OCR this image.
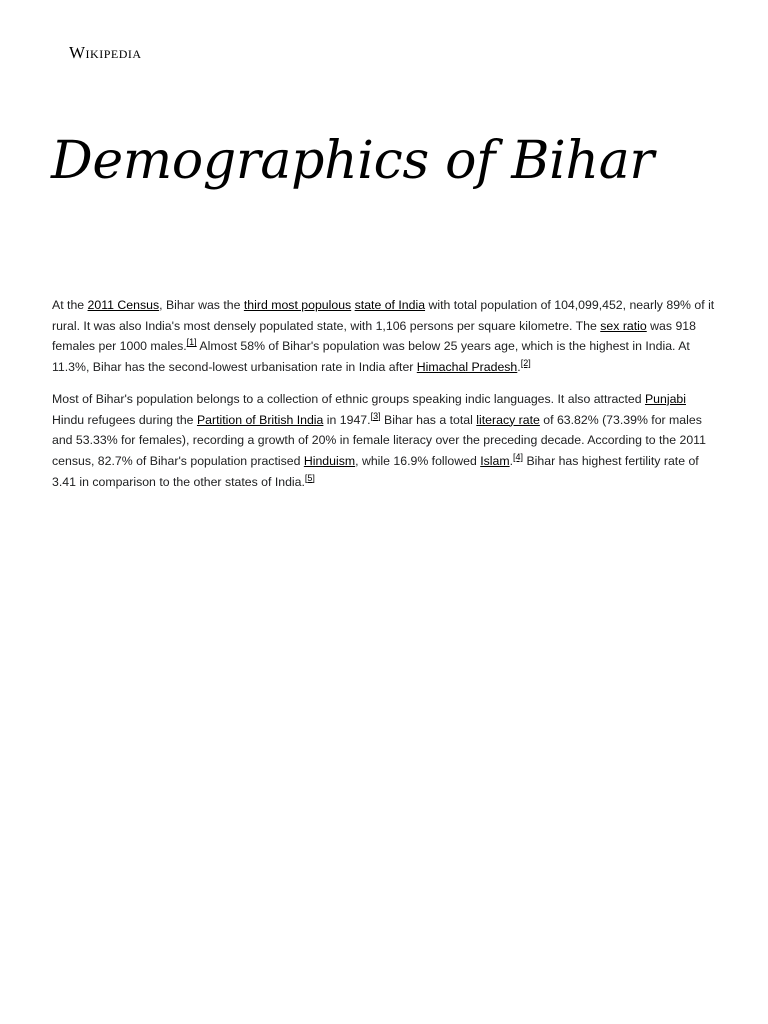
Wikipedia
Demographics of Bihar

At the 2011 Census, Bihar was the third most populous state of India with total population of 104,099,452, nearly 89% of it rural. It was also India's most densely populated state, with 1,106 persons per square kilometre. The sex ratio was 918 females per 1000 males.[1] Almost 58% of Bihar's population was below 25 years age, which is the highest in India. At 11.3%, Bihar has the second-lowest urbanisation rate in India after Himachal Pradesh.[2]

Most of Bihar's population belongs to a collection of ethnic groups speaking indic languages. It also attracted Punjabi Hindu refugees during the Partition of British India in 1947.[3] Bihar has a total literacy rate of 63.82% (73.39% for males and 53.33% for females), recording a growth of 20% in female literacy over the preceding decade. According to the 2011 census, 82.7% of Bihar's population practised Hinduism, while 16.9% followed Islam.[4] Bihar has highest fertility rate of 3.41 in comparison to the other states of India.[5]
